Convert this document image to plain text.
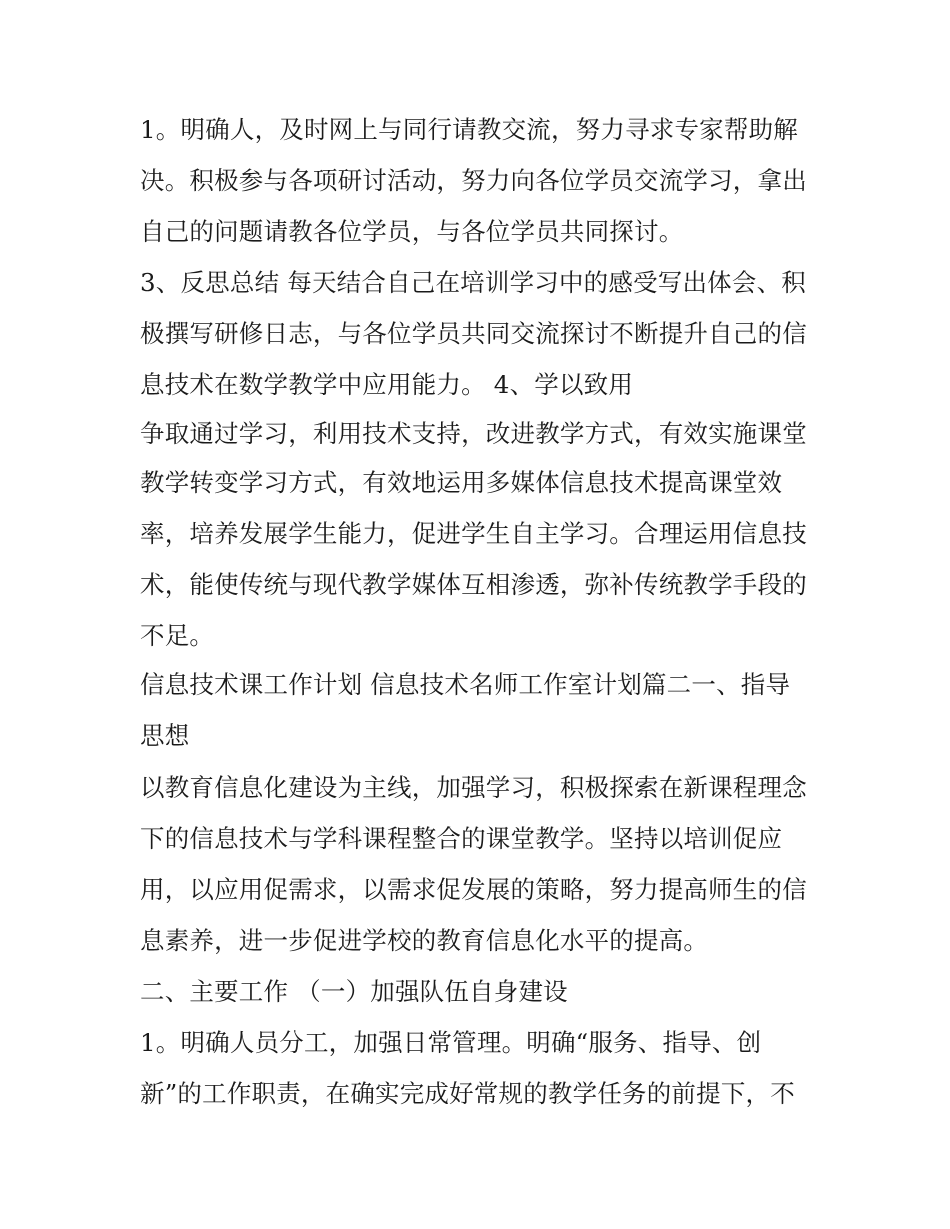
1。明确人，及时网上与同行请教交流，努力寻求专家帮助解
决。积极参与各项研讨活动，努力向各位学员交流学习，拿出
自己的问题请教各位学员，与各位学员共同探讨。
3、反思总结 每天结合自己在培训学习中的感受写出体会、积
极撰写研修日志，与各位学员共同交流探讨不断提升自己的信
息技术在数学教学中应用能力。 4、学以致用
争取通过学习，利用技术支持，改进教学方式，有效实施课堂
教学转变学习方式，有效地运用多媒体信息技术提高课堂效
率，培养发展学生能力，促进学生自主学习。合理运用信息技
术，能使传统与现代教学媒体互相渗透，弥补传统教学手段的
不足。
信息技术课工作计划 信息技术名师工作室计划篇二一、指导
思想
以教育信息化建设为主线，加强学习，积极探索在新课程理念
下的信息技术与学科课程整合的课堂教学。坚持以培训促应
用，以应用促需求，以需求促发展的策略，努力提高师生的信
息素养，进一步促进学校的教育信息化水平的提高。
二、主要工作 （一）加强队伍自身建设
1。明确人员分工，加强日常管理。明确“服务、指导、创
新”的工作职责，在确实完成好常规的教学任务的前提下，不
